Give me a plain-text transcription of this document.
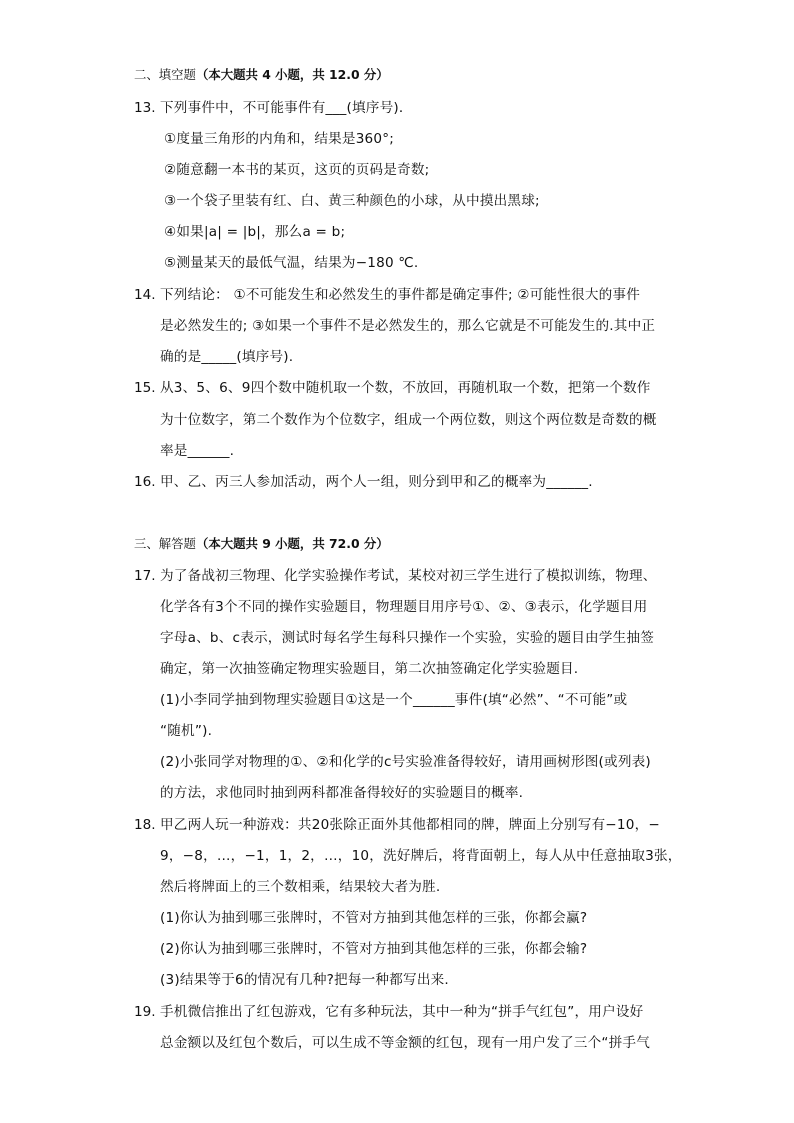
二、填空题（本大题共 4 小题，共 12.0 分）
13. 下列事件中，不可能事件有___(填序号)．
①度量三角形的内角和，结果是360°;
②随意翻一本书的某页，这页的页码是奇数;
③一个袋子里装有红、白、黄三种颜色的小球，从中摸出黑球;
④如果|a| = |b|，那么a = b;
⑤测量某天的最低气温，结果为−180 ℃.
14. 下列结论： ①不可能发生和必然发生的事件都是确定事件; ②可能性很大的事件
是必然发生的; ③如果一个事件不是必然发生的，那么它就是不可能发生的.其中正
确的是_____(填序号).
15. 从3、5、6、9四个数中随机取一个数，不放回，再随机取一个数，把第一个数作
为十位数字，第二个数作为个位数字，组成一个两位数，则这个两位数是奇数的概
率是______.
16. 甲、乙、丙三人参加活动，两个人一组，则分到甲和乙的概率为______.
三、解答题（本大题共 9 小题，共 72.0 分）
17. 为了备战初三物理、化学实验操作考试，某校对初三学生进行了模拟训练，物理、
化学各有3个不同的操作实验题目，物理题目用序号①、②、③表示，化学题目用
字母a、b、c表示，测试时每名学生每科只操作一个实验，实验的题目由学生抽签
确定，第一次抽签确定物理实验题目，第二次抽签确定化学实验题目.
(1)小李同学抽到物理实验题目①这是一个______事件(填“必然”、“不可能”或
“随机”).
(2)小张同学对物理的①、②和化学的c号实验准备得较好，请用画树形图(或列表)
的方法，求他同时抽到两科都准备得较好的实验题目的概率.
18. 甲乙两人玩一种游戏：共20张除正面外其他都相同的牌，牌面上分别写有−10，−
9，−8，…，−1，1，2，…，10，洗好牌后，将背面朝上，每人从中任意抽取3张，
然后将牌面上的三个数相乘，结果较大者为胜.
(1)你认为抽到哪三张牌时，不管对方抽到其他怎样的三张，你都会赢?
(2)你认为抽到哪三张牌时，不管对方抽到其他怎样的三张，你都会输?
(3)结果等于6的情况有几种?把每一种都写出来.
19. 手机微信推出了红包游戏，它有多种玩法，其中一种为“拼手气红包”，用户设好
总金额以及红包个数后，可以生成不等金额的红包，现有一用户发了三个“拼手气
